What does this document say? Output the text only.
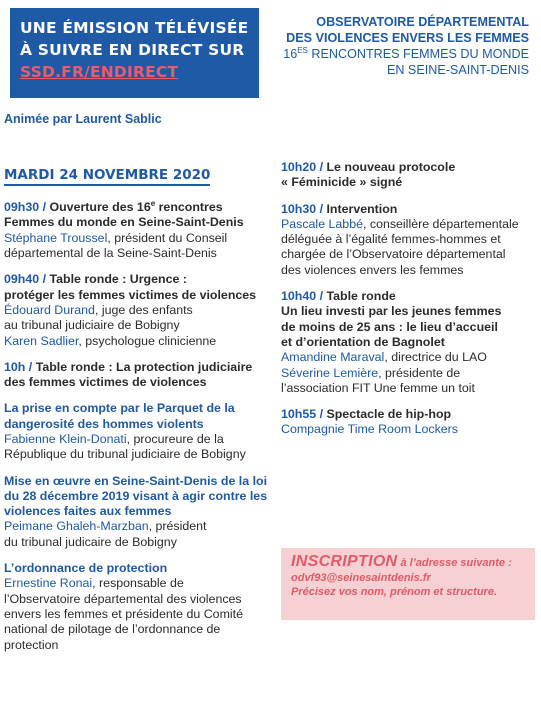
UNE ÉMISSION TÉLÉVISÉE
À SUIVRE EN DIRECT SUR
SSD.FR/ENDIRECT
OBSERVATOIRE DÉPARTEMENTAL
DES VIOLENCES ENVERS LES FEMMES
$16^{ES}$ RENCONTRES FEMMES DU MONDE
EN SEINE-SAINT-DENIS
Animée par Laurent Sablic
MARDI 24 NOVEMBRE 2020
09h30 / Ouverture des 16e rencontres
Femmes du monde en Seine-Saint-Denis
Stéphane Troussel, président du Conseil
départemental de la Seine-Saint-Denis
09h40 / Table ronde : Urgence :
protéger les femmes victimes de violences
Édouard Durand, juge des enfants
au tribunal judiciaire de Bobigny
Karen Sadlier, psychologue clinicienne
10h / Table ronde : La protection judiciaire
des femmes victimes de violences
La prise en compte par le Parquet de la
dangerosité des hommes violents
Fabienne Klein-Donati, procureure de la
République du tribunal judiciaire de Bobigny
Mise en œuvre en Seine-Saint-Denis de la loi
du 28 décembre 2019 visant à agir contre les
violences faites aux femmes
Peimane Ghaleh-Marzban, président
du tribunal judicaire de Bobigny
L’ordonnance de protection
Ernestine Ronai, responsable de
l’Observatoire départemental des violences
envers les femmes et présidente du Comité
national de pilotage de l’ordonnance de
protection
10h20 / Le nouveau protocole
« Féminicide » signé
10h30 / Intervention
Pascale Labbé, conseillère départementale
déléguée à l’égalité femmes-hommes et
chargée de l’Observatoire départemental
des violences envers les femmes
10h40 / Table ronde
Un lieu investi par les jeunes femmes
de moins de 25 ans : le lieu d’accueil
et d’orientation de Bagnolet
Amandine Maraval, directrice du LAO
Séverine Lemière, présidente de
l’association FIT Une femme un toit
10h55 / Spectacle de hip-hop
Compagnie Time Room Lockers
INSCRIPTION à l’adresse suivante :
odvf93@seinesaintdenis.fr
Précisez vos nom, prénom et structure.
